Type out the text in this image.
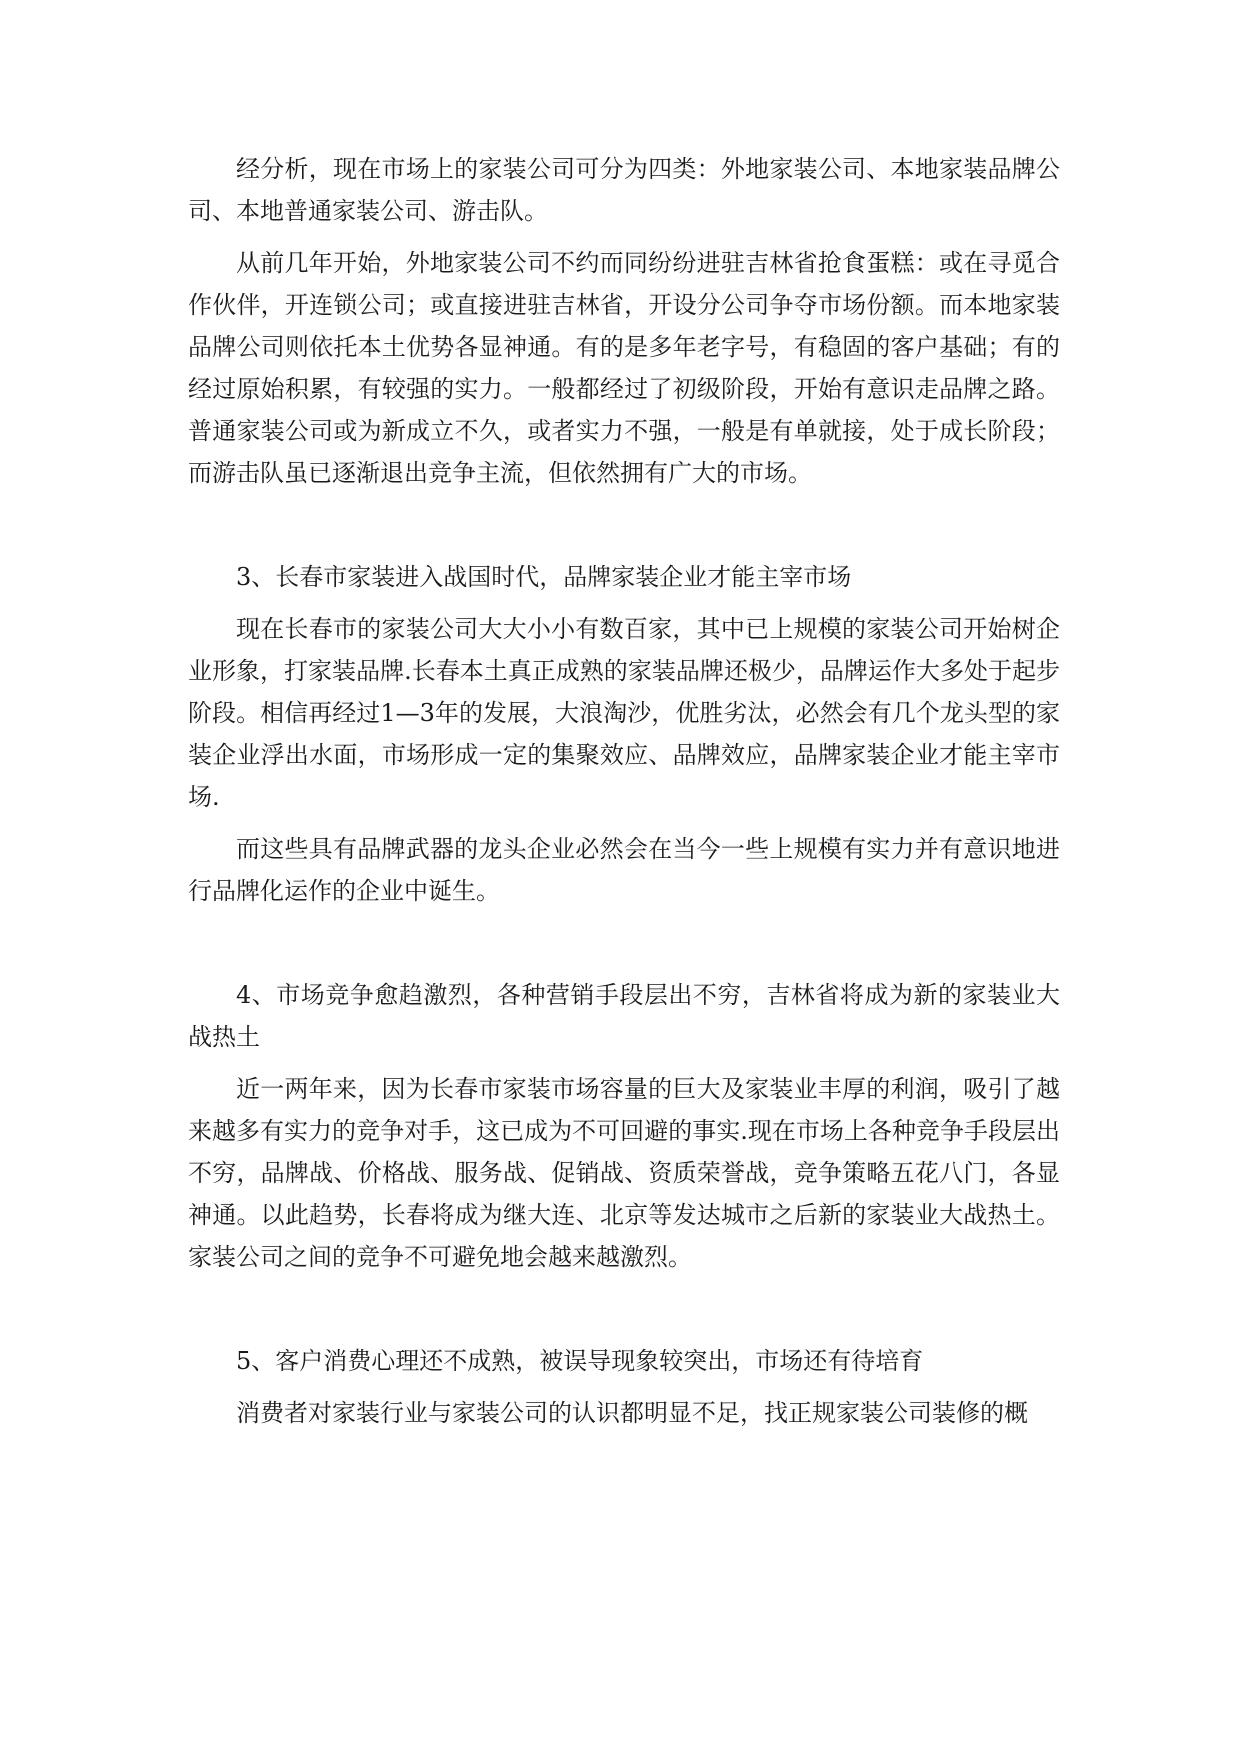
经分析，现在市场上的家装公司可分为四类：外地家装公司、本地家装品牌公司、本地普通家装公司、游击队。

从前几年开始，外地家装公司不约而同纷纷进驻吉林省抢食蛋糕：或在寻觅合作伙伴，开连锁公司；或直接进驻吉林省，开设分公司争夺市场份额。而本地家装品牌公司则依托本土优势各显神通。有的是多年老字号，有稳固的客户基础；有的经过原始积累，有较强的实力。一般都经过了初级阶段，开始有意识走品牌之路。普通家装公司或为新成立不久，或者实力不强，一般是有单就接，处于成长阶段；而游击队虽已逐渐退出竞争主流，但依然拥有广大的市场。

3、长春市家装进入战国时代，品牌家装企业才能主宰市场

现在长春市的家装公司大大小小有数百家，其中已上规模的家装公司开始树企业形象，打家装品牌.长春本土真正成熟的家装品牌还极少，品牌运作大多处于起步阶段。相信再经过1—3年的发展，大浪淘沙，优胜劣汰，必然会有几个龙头型的家装企业浮出水面，市场形成一定的集聚效应、品牌效应，品牌家装企业才能主宰市场.

而这些具有品牌武器的龙头企业必然会在当今一些上规模有实力并有意识地进行品牌化运作的企业中诞生。

4、市场竞争愈趋激烈，各种营销手段层出不穷，吉林省将成为新的家装业大战热土

近一两年来，因为长春市家装市场容量的巨大及家装业丰厚的利润，吸引了越来越多有实力的竞争对手，这已成为不可回避的事实.现在市场上各种竞争手段层出不穷，品牌战、价格战、服务战、促销战、资质荣誉战，竞争策略五花八门，各显神通。以此趋势，长春将成为继大连、北京等发达城市之后新的家装业大战热土。家装公司之间的竞争不可避免地会越来越激烈。

5、客户消费心理还不成熟，被误导现象较突出，市场还有待培育

消费者对家装行业与家装公司的认识都明显不足，找正规家装公司装修的概
